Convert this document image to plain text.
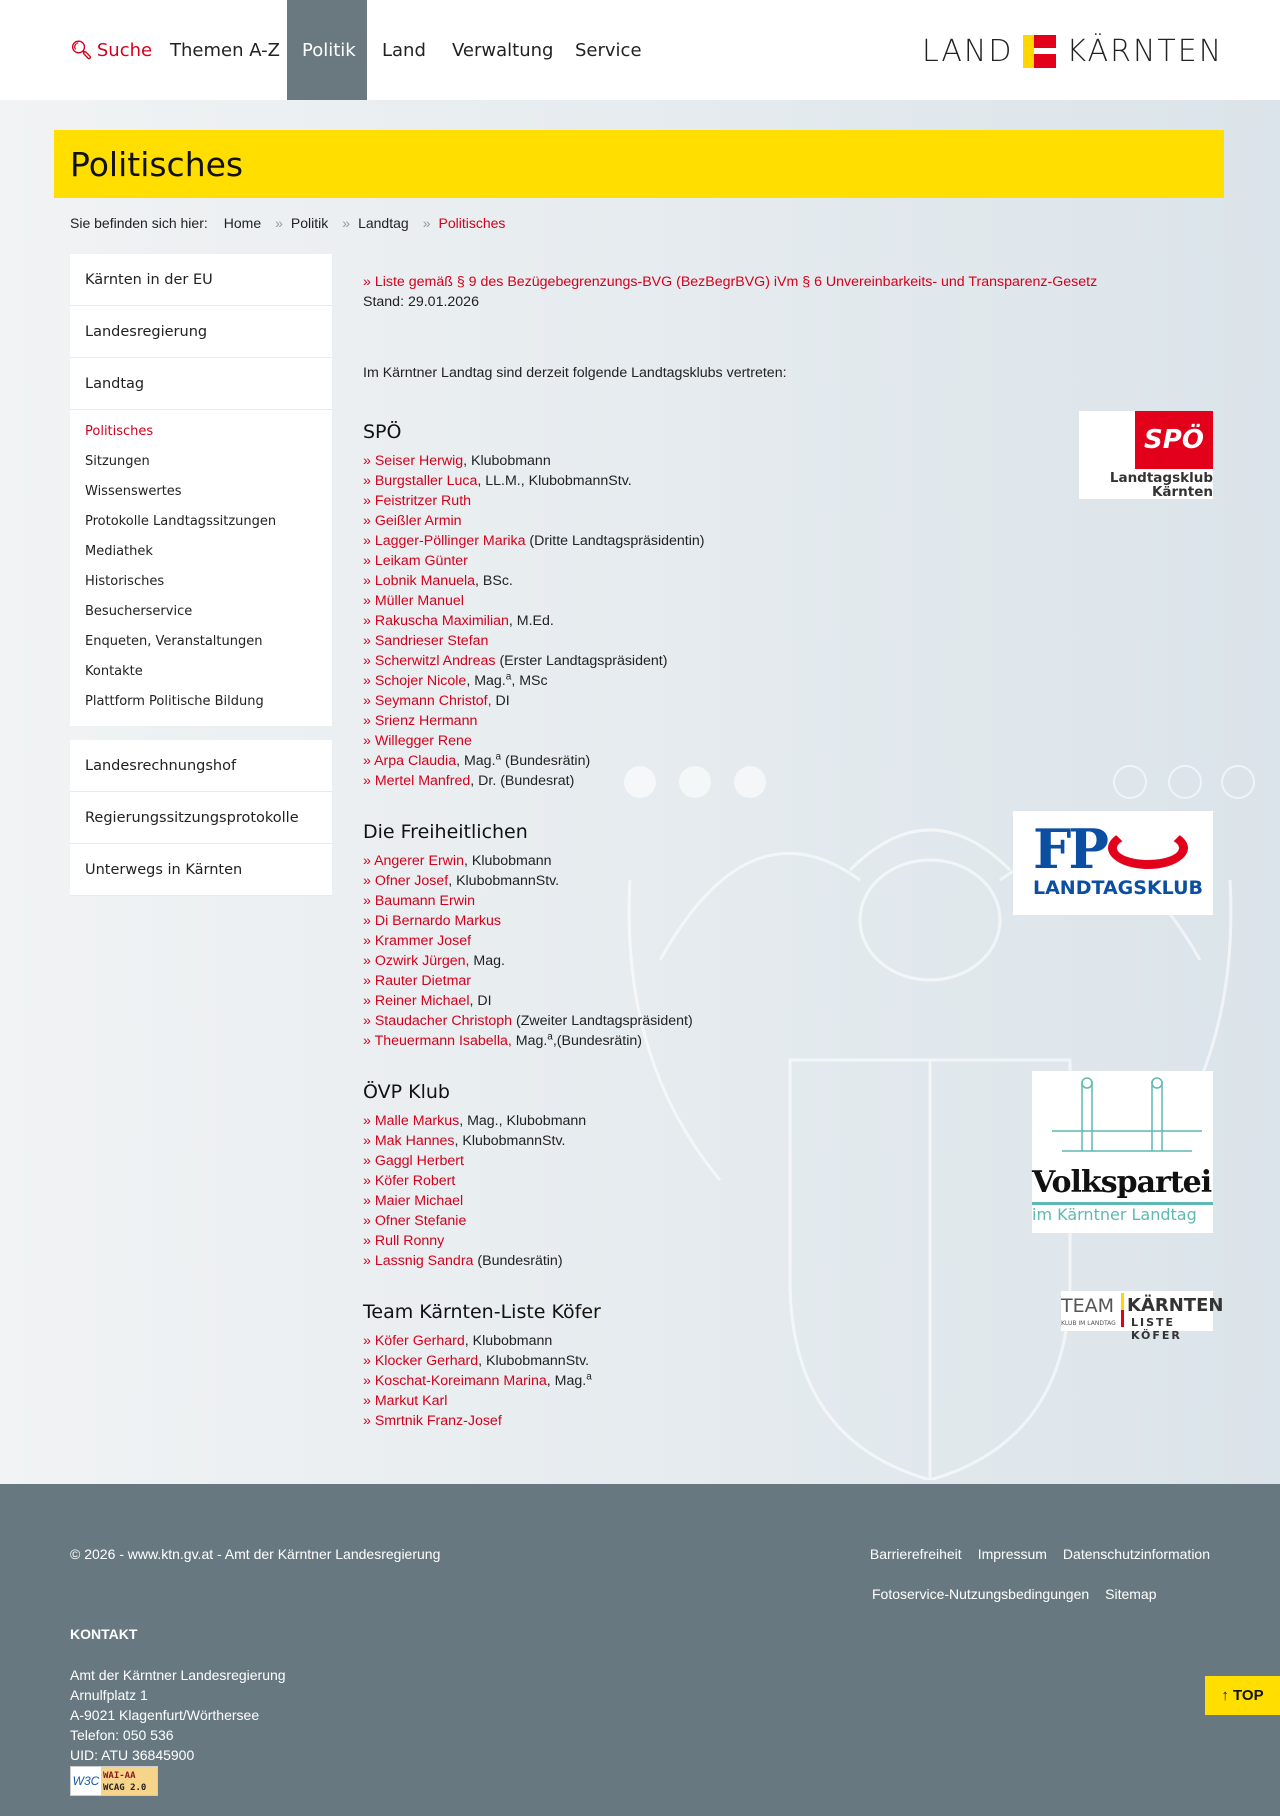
🔍︎ Suche Themen A-Z	Politik	Land	Verwaltung	Service	LAND KÄRNTEN
Politisches
Sie befinden sich hier: Home » Politik » Landtag » Politisches
Kärnten in der EU
Landesregierung
Landtag
Politisches
Sitzungen
Wissenswertes
Protokolle Landtagssitzungen
Mediathek
Historisches
Besucherservice
Enqueten, Veranstaltungen
Kontakte
Plattform Politische Bildung
Landesrechnungshof
Regierungssitzungsprotokolle
Unterwegs in Kärnten
» Liste gemäß § 9 des Bezügebegrenzungs-BVG (BezBegrBVG) iVm § 6 Unvereinbarkeits- und Transparenz-Gesetz
Stand: 29.01.2026
Im Kärntner Landtag sind derzeit folgende Landtagsklubs vertreten:
SPÖ	SPÖ
Landtagsklub
Kärnten
» Seiser Herwig, Klubobmann
» Burgstaller Luca, LL.M., KlubobmannStv.
» Feistritzer Ruth
» Geißler Armin
» Lagger-Pöllinger Marika (Dritte Landtagspräsidentin)
» Leikam Günter
» Lobnik Manuela, BSc.
» Müller Manuel
» Rakuscha Maximilian, M.Ed.
» Sandrieser Stefan
» Scherwitzl Andreas (Erster Landtagspräsident)
» Schojer Nicole, Mag.$^a$, MSc
» Seymann Christof, DI
» Srienz Hermann
» Willegger Rene
» Arpa Claudia, Mag.$^a$ (Bundesrätin)
» Mertel Manfred, Dr. (Bundesrat)
Die Freiheitlichen	FP
LANDTAGSKLUB
» Angerer Erwin, Klubobmann
» Ofner Josef, KlubobmannStv.
» Baumann Erwin
» Di Bernardo Markus
» Krammer Josef
» Ozwirk Jürgen, Mag.
» Rauter Dietmar
» Reiner Michael, DI
» Staudacher Christoph (Zweiter Landtagspräsident)
» Theuermann Isabella, Mag.$^a$,(Bundesrätin)
ÖVP Klub
Volkspartei
im Kärntner Landtag
» Malle Markus, Mag., Klubobmann
» Mak Hannes, KlubobmannStv.
» Gaggl Herbert
» Köfer Robert
» Maier Michael
» Ofner Stefanie
» Rull Ronny
» Lassnig Sandra (Bundesrätin)
Team Kärnten-Liste Köfer	TEAM KÄRNTEN
KLUB IM LANDTAG LISTE KÖFER
» Köfer Gerhard, Klubobmann
» Klocker Gerhard, KlubobmannStv.
» Koschat-Koreimann Marina, Mag.$^a$
» Markut Karl
» Smrtnik Franz-Josef
© 2026 - www.ktn.gv.at - Amt der Kärntner Landesregierung	Barrierefreiheit Impressum Datenschutzinformation
Fotoservice-Nutzungsbedingungen Sitemap
KONTAKT
Amt der Kärntner Landesregierung
Arnulfplatz 1
A-9021 Klagenfurt/Wörthersee
Telefon: 050 536
UID: ATU 36845900
W3C WAI-AA
WCAG 2.0
↑ TOP
